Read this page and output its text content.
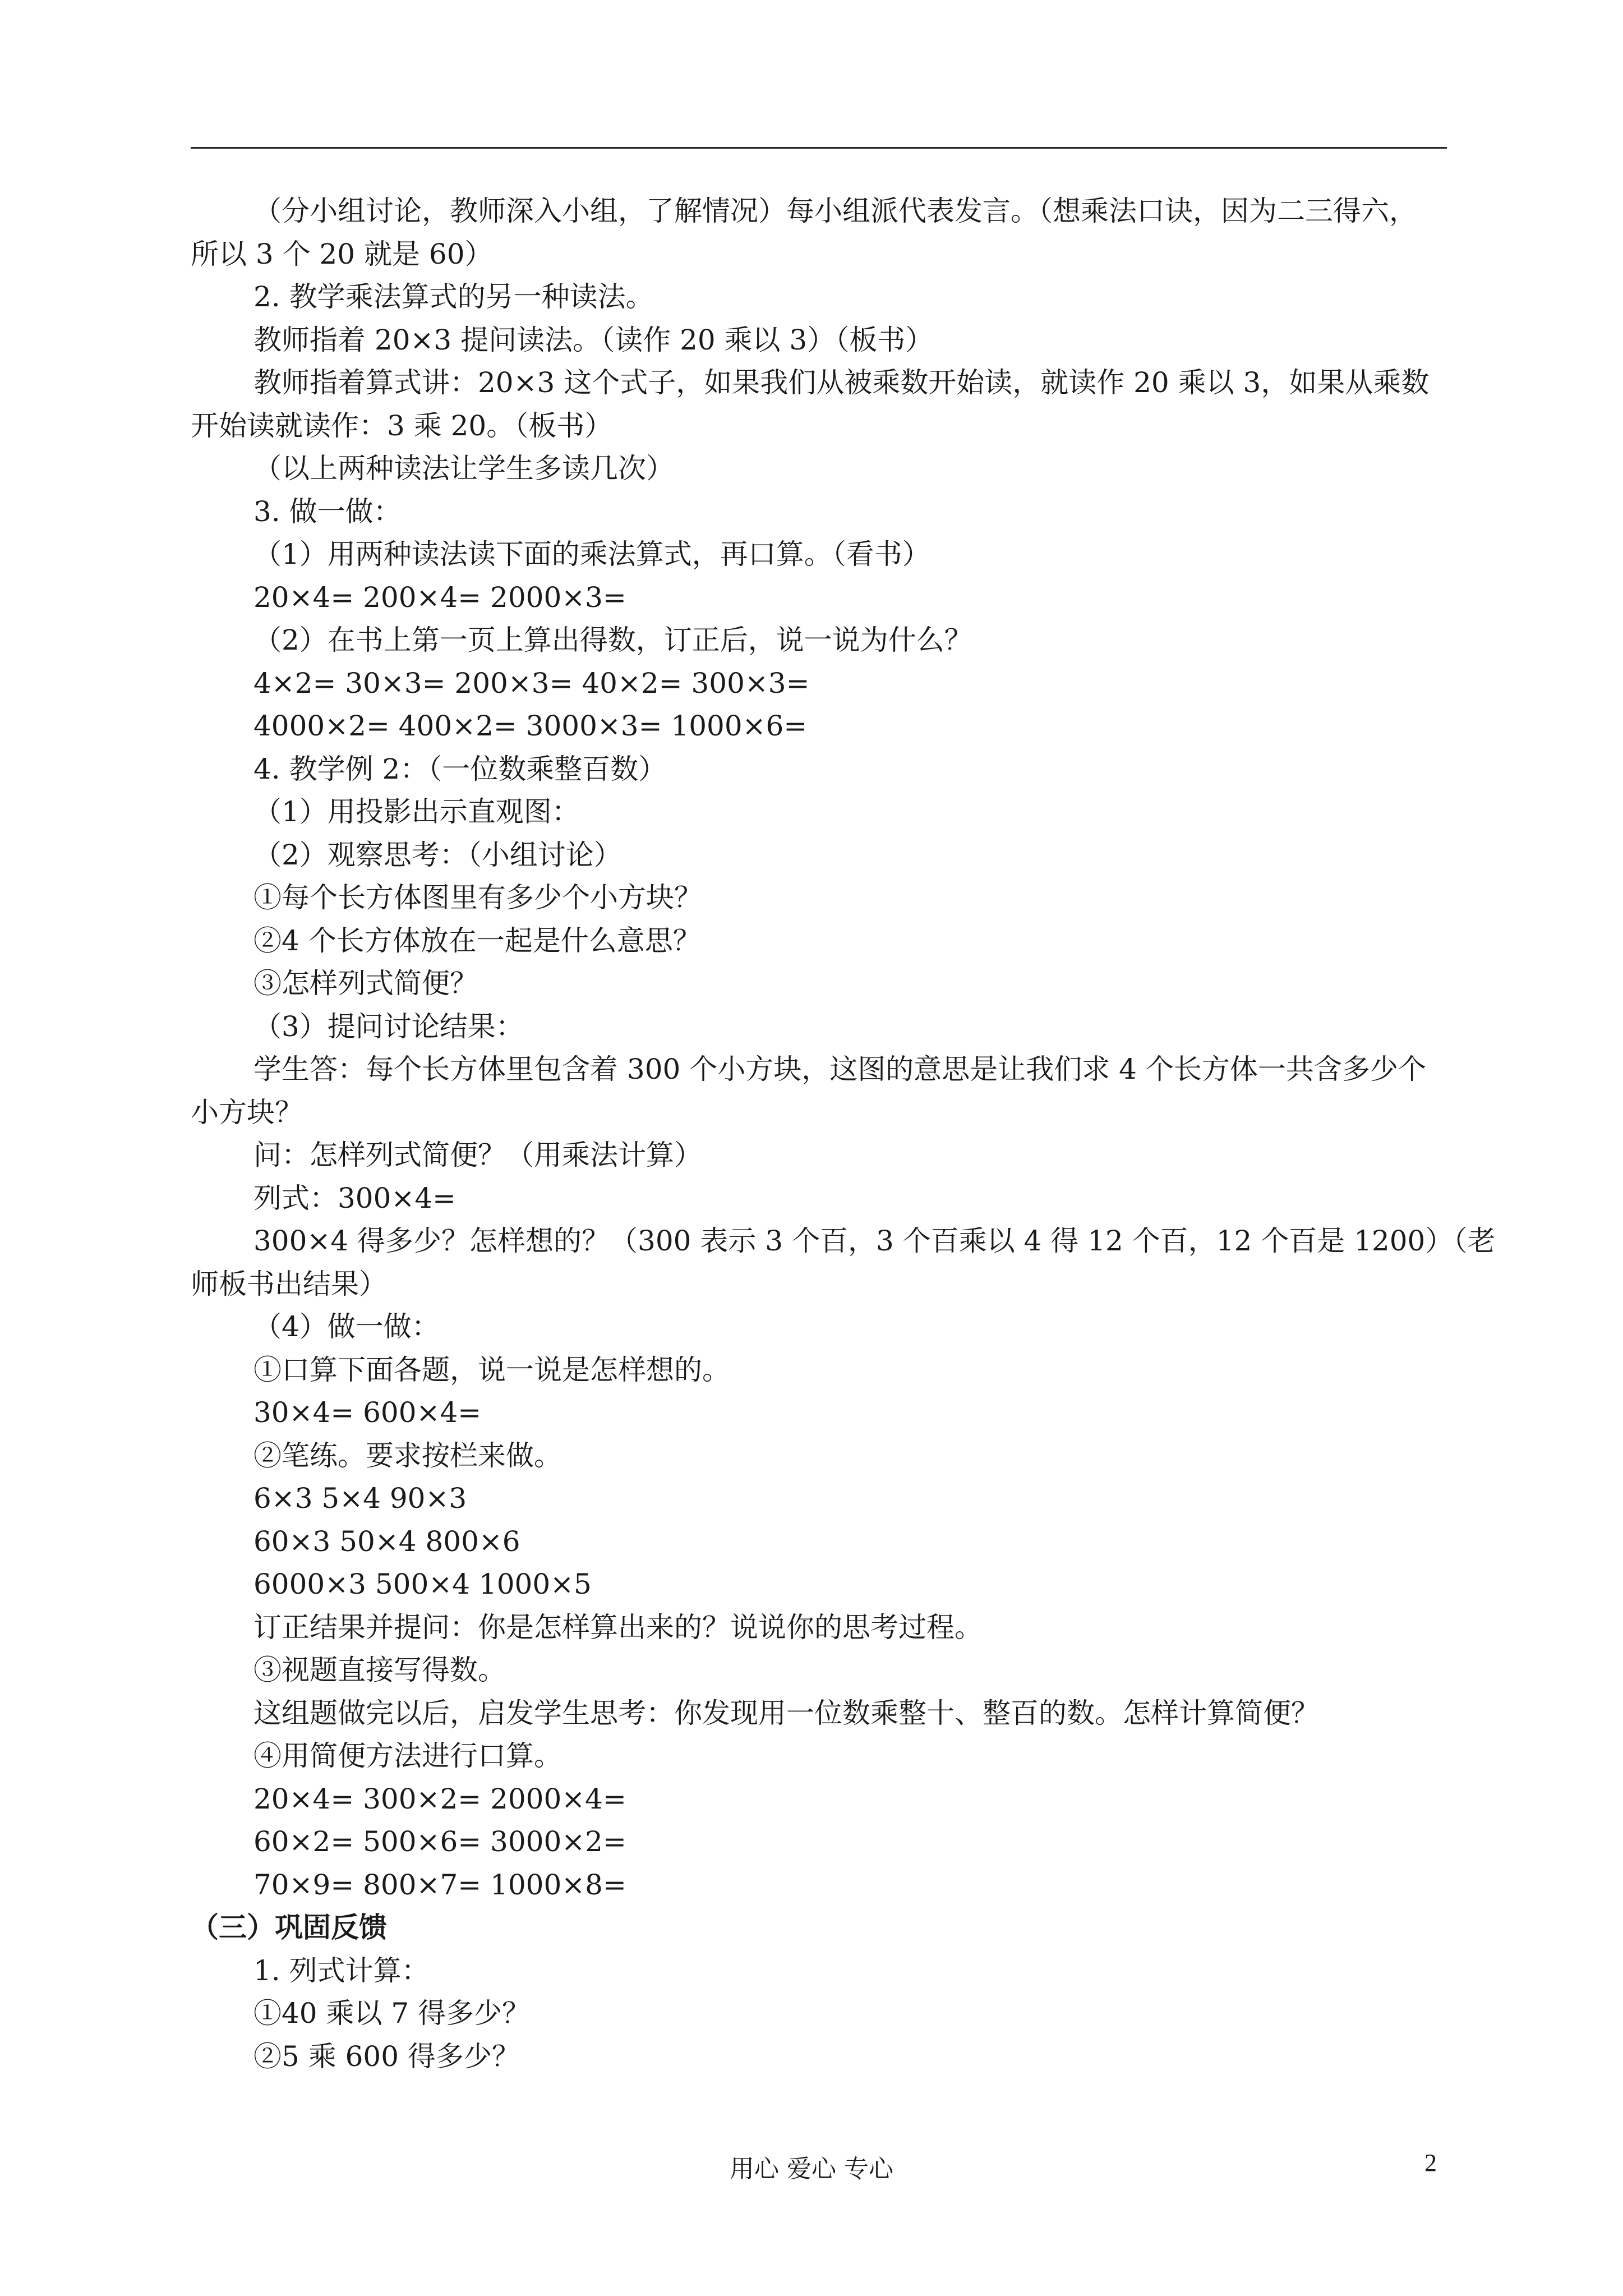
（分小组讨论，教师深入小组，了解情况）每小组派代表发言。（想乘法口诀，因为二三得六，
所以 3 个 20 就是 60）
2. 教学乘法算式的另一种读法。
教师指着 20×3 提问读法。（读作 20 乘以 3）（板书）
教师指着算式讲：20×3 这个式子，如果我们从被乘数开始读，就读作 20 乘以 3，如果从乘数
开始读就读作：3 乘 20。（板书）
（以上两种读法让学生多读几次）
3. 做一做：
（1）用两种读法读下面的乘法算式，再口算。（看书）
20×4= 200×4= 2000×3=
（2）在书上第一页上算出得数，订正后，说一说为什么？
4×2= 30×3= 200×3= 40×2= 300×3=
4000×2= 400×2= 3000×3= 1000×6=
4. 教学例 2：（一位数乘整百数）
（1）用投影出示直观图：
（2）观察思考：（小组讨论）
①每个长方体图里有多少个小方块？
②4 个长方体放在一起是什么意思？
③怎样列式简便？
（3）提问讨论结果：
学生答：每个长方体里包含着 300 个小方块，这图的意思是让我们求 4 个长方体一共含多少个
小方块？
问：怎样列式简便？（用乘法计算）
列式：300×4=
300×4 得多少？怎样想的？（300 表示 3 个百，3 个百乘以 4 得 12 个百，12 个百是 1200）（老
师板书出结果）
（4）做一做：
①口算下面各题，说一说是怎样想的。
30×4= 600×4=
②笔练。要求按栏来做。
6×3 5×4 90×3
60×3 50×4 800×6
6000×3 500×4 1000×5
订正结果并提问：你是怎样算出来的？说说你的思考过程。
③视题直接写得数。
这组题做完以后，启发学生思考：你发现用一位数乘整十、整百的数。怎样计算简便？
④用简便方法进行口算。
20×4= 300×2= 2000×4=
60×2= 500×6= 3000×2=
70×9= 800×7= 1000×8=
（三）巩固反馈
1. 列式计算：
①40 乘以 7 得多少？
②5 乘 600 得多少？
用心 爱心 专心	2
